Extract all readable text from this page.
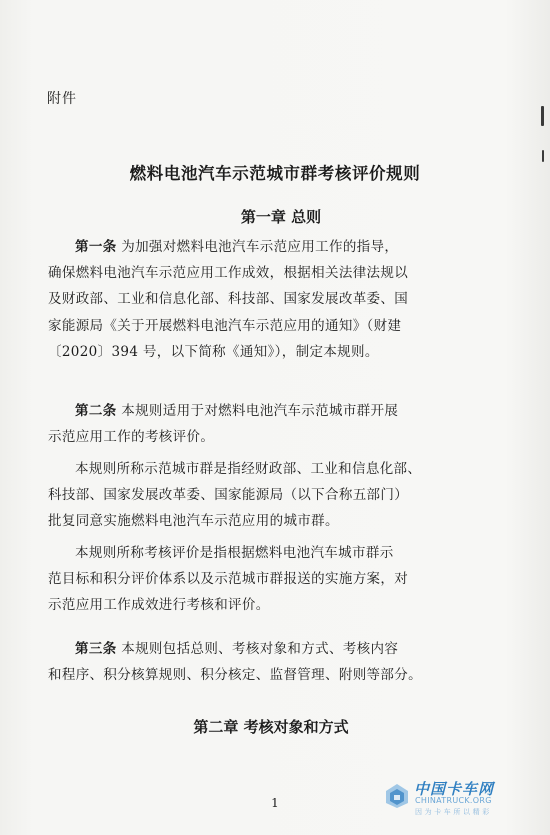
附件
燃料电池汽车示范城市群考核评价规则
第一章 总则

第一条 为加强对燃料电池汽车示范应用工作的指导，
确保燃料电池汽车示范应用工作成效，根据相关法律法规以
及财政部、工业和信息化部、科技部、国家发展改革委、国
家能源局《关于开展燃料电池汽车示范应用的通知》（财建
〔2020〕394 号，以下简称《通知》），制定本规则。

第二条 本规则适用于对燃料电池汽车示范城市群开展
示范应用工作的考核评价。

本规则所称示范城市群是指经财政部、工业和信息化部、
科技部、国家发展改革委、国家能源局（以下合称五部门）
批复同意实施燃料电池汽车示范应用的城市群。

本规则所称考核评价是指根据燃料电池汽车城市群示
范目标和积分评价体系以及示范城市群报送的实施方案，对
示范应用工作成效进行考核和评价。

第三条 本规则包括总则、考核对象和方式、考核内容
和程序、积分核算规则、积分核定、监督管理、附则等部分。

第二章 考核对象和方式
1
中国卡车网
CHINATRUCK.ORG
因为卡车所以精彩
